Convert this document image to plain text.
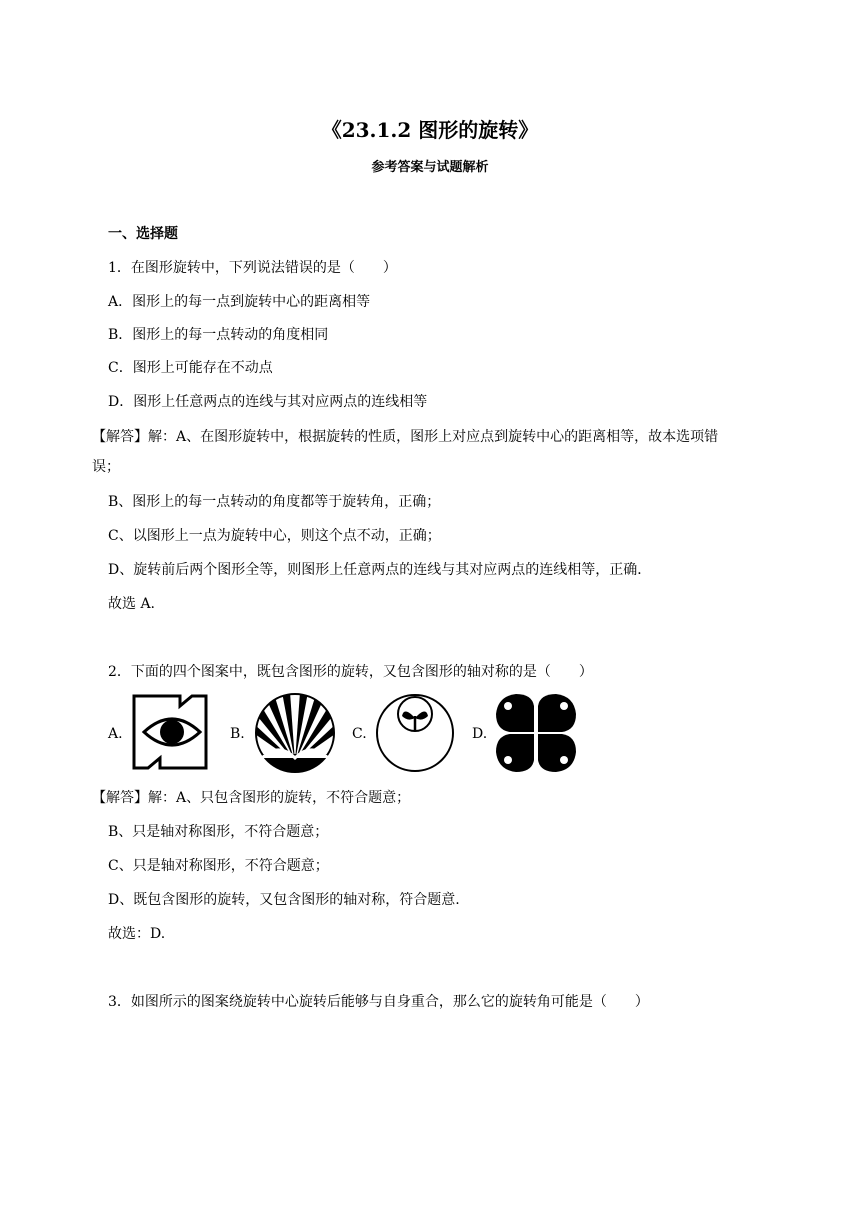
《23.1.2 图形的旋转》
参考答案与试题解析
一、选择题
1．在图形旋转中，下列说法错误的是（　　）
A．图形上的每一点到旋转中心的距离相等
B．图形上的每一点转动的角度相同
C．图形上可能存在不动点
D．图形上任意两点的连线与其对应两点的连线相等
【解答】解：A、在图形旋转中，根据旋转的性质，图形上对应点到旋转中心的距离相等，故本选项错
误；
B、图形上的每一点转动的角度都等于旋转角，正确；
C、以图形上一点为旋转中心，则这个点不动，正确；
D、旋转前后两个图形全等，则图形上任意两点的连线与其对应两点的连线相等，正确．
故选 A.
2．下面的四个图案中，既包含图形的旋转，又包含图形的轴对称的是（　　）
A.	B.	C.	D.
【解答】解：A、只包含图形的旋转，不符合题意；
B、只是轴对称图形，不符合题意；
C、只是轴对称图形，不符合题意；
D、既包含图形的旋转，又包含图形的轴对称，符合题意.
故选：D.
3．如图所示的图案绕旋转中心旋转后能够与自身重合，那么它的旋转角可能是（　　）
